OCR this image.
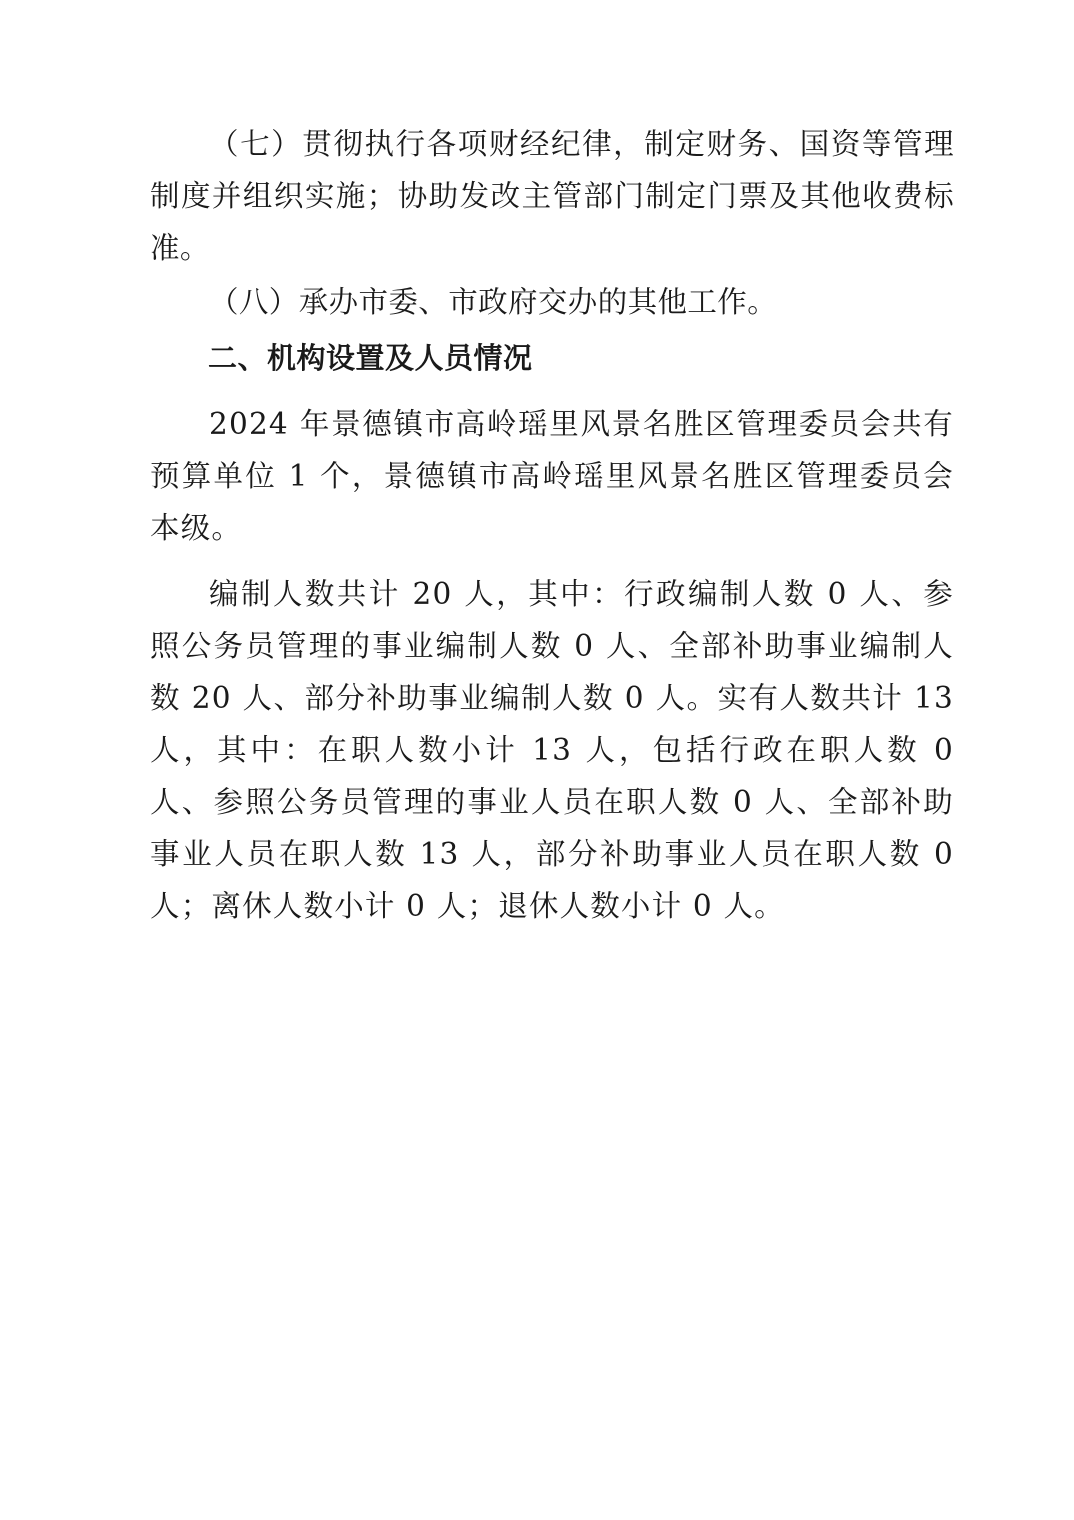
（七）贯彻执行各项财经纪律，制定财务、国资等管理制度并组织实施；协助发改主管部门制定门票及其他收费标准。

（八）承办市委、市政府交办的其他工作。

二、机构设置及人员情况

2024 年景德镇市高岭瑶里风景名胜区管理委员会共有预算单位 1 个，景德镇市高岭瑶里风景名胜区管理委员会本级。

编制人数共计 20 人，其中：行政编制人数 0 人、参照公务员管理的事业编制人数 0 人、全部补助事业编制人数 20 人、部分补助事业编制人数 0 人。实有人数共计 13 人，其中：在职人数小计 13 人，包括行政在职人数 0 人、参照公务员管理的事业人员在职人数 0 人、全部补助事业人员在职人数 13 人，部分补助事业人员在职人数 0 人；离休人数小计 0 人；退休人数小计 0 人。
